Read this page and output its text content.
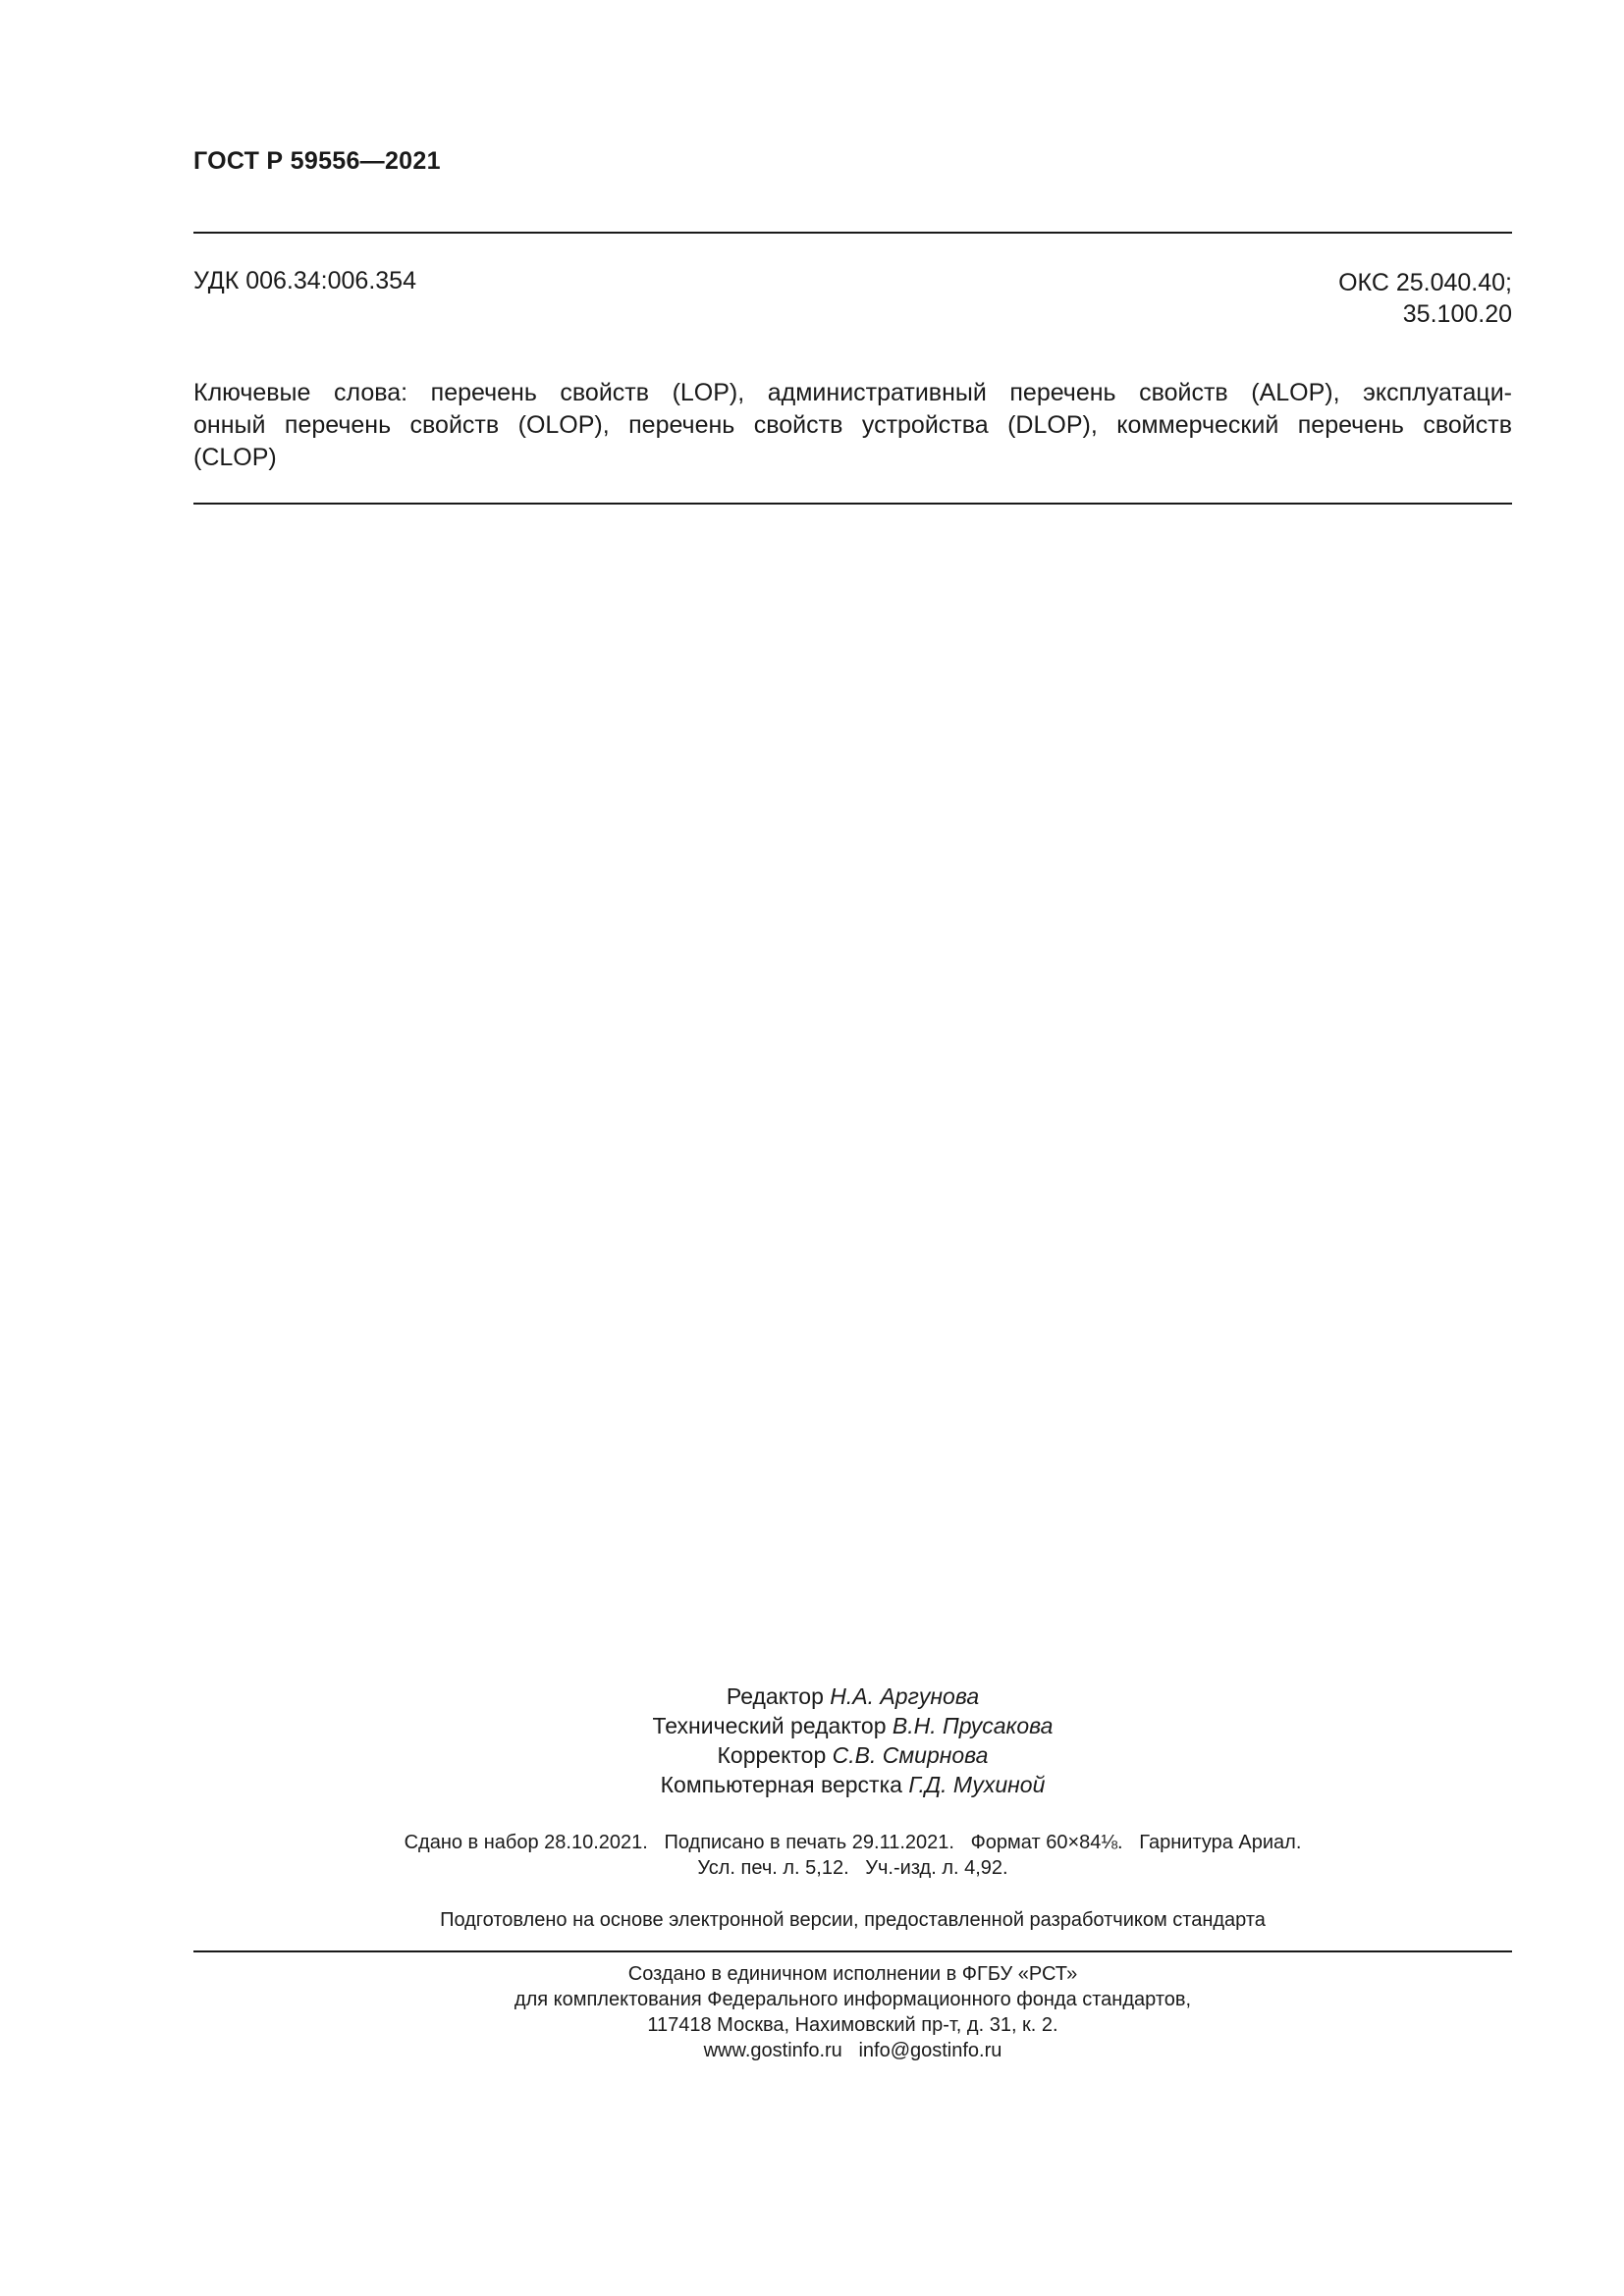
ГОСТ Р 59556—2021
УДК 006.34:006.354	ОКС 25.040.40;
35.100.20
Ключевые слова: перечень свойств (LOP), административный перечень свойств (ALOP), эксплуатаци-
онный перечень свойств (OLOP), перечень свойств устройства (DLOP), коммерческий перечень свойств
(CLOP)
Редактор Н.А. Аргунова
Технический редактор В.Н. Прусакова
Корректор С.В. Смирнова
Компьютерная верстка Г.Д. Мухиной
Сдано в набор 28.10.2021.   Подписано в печать 29.11.2021.   Формат 60×84⅛.   Гарнитура Ариал.
Усл. печ. л. 5,12.   Уч.-изд. л. 4,92.
Подготовлено на основе электронной версии, предоставленной разработчиком стандарта
Создано в единичном исполнении в ФГБУ «РСТ»
для комплектования Федерального информационного фонда стандартов,
117418 Москва, Нахимовский пр-т, д. 31, к. 2.
www.gostinfo.ru   info@gostinfo.ru
